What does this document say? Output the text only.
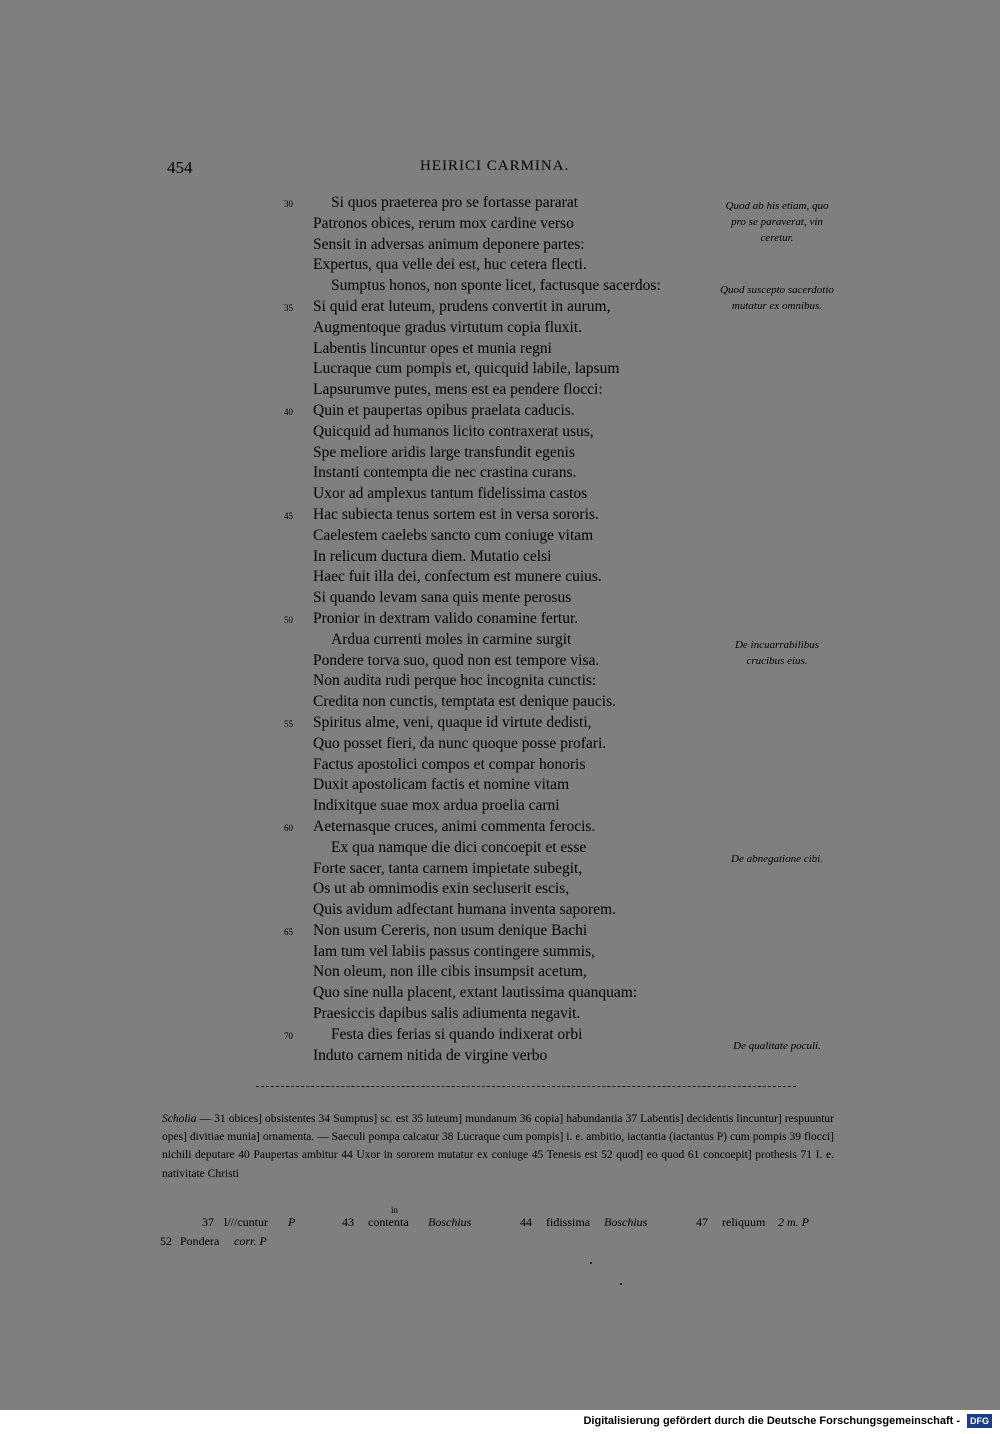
454	HEIRICI CARMINA.
30 Si quos praeterea pro se fortasse pararat
Patronos obices, rerum mox cardine verso
Sensit in adversas animum deponere partes:
Expertus, qua velle dei est, huc cetera flecti.
Sumptus honos, non sponte licet, factusque sacerdos:
35 Si quid erat luteum, prudens convertit in aurum,
Augmentoque gradus virtutum copia fluxit.
Labentis lincuntur opes et munia regni
Lucraque cum pompis et, quicquid labile, lapsum
Lapsurumve putes, mens est ea pendere flocci:
40 Quin et paupertas opibus praelata caducis.
Quicquid ad humanos licito contraxerat usus,
Spe meliore aridis large transfundit egenis
Instanti contempta die nec crastina curans.
Uxor ad amplexus tantum fidelissima castos
45 Hac subiecta tenus sortem est in versa sororis.
Caelestem caelebs sancto cum coniuge vitam
In relicum ductura diem. Mutatio celsi
Haec fuit illa dei, confectum est munere cuius.
Si quando levam sana quis mente perosus
50 Pronior in dextram valido conamine fertur.
Ardua currenti moles in carmine surgit
Pondere torva suo, quod non est tempore visa.
Non audita rudi perque hoc incognita cunctis:
Credita non cunctis, temptata est denique paucis.
55 Spiritus alme, veni, quaque id virtute dedisti,
Quo posset fieri, da nunc quoque posse profari.
Factus apostolici compos et compar honoris
Duxit apostolicam factis et nomine vitam
Indixitque suae mox ardua proelia carni
60 Aeternasque cruces, animi commenta ferocis.
Ex qua namque die dici concoepit et esse
Forte sacer, tanta carnem impietate subegit,
Os ut ab omnimodis exin secluserit escis,
Quis avidum adfectant humana inventa saporem.
65 Non usum Cereris, non usum denique Bachi
Iam tum vel labiis passus contingere summis,
Non oleum, non ille cibis insumpsit acetum,
Quo sine nulla placent, extant lautissima quanquam:
Praesiccis dapibus salis adiumenta negavit.
70 Festa dies ferias si quando indixerat orbi
Induto carnem nitida de virgine verbo
Quod ab his etiam, quo pro se paraverat, vin ceretur.
Quod suscepto sacerdotio mutatur ex omnibus.
De incuarrabilibus crucibus eius.
De abnegatione cibi.
De qualitate poculi.
Scholia — 31 obices] obsistentes 34 Sumptus] sc. est 35 luteum] mundanum 36 copia] habundantia 37 Labentis] decidentis lincuntur] respuuntur opes] divitiae munia] ornamenta. — Saeculi pompa calcatur 38 Lucraque cum pompis] i. e. ambitio, iactantia (iactantus P) cum pompis 39 flocci] nichili deputare 40 Paupertas ambitur 44 Uxor in sororem mutatur ex coniuge 45 Tenesis est 52 quod] eo quod 61 concoepit] prothesis 71 I. e. nativitate Christi
in
37 l///cuntur P	43 contenta Boschius	44 fidissima Boschius	47 reliquum 2 m. P
52 Pondera corr. P
Digitalisierung gefördert durch die Deutsche Forschungsgemeinschaft -	DFG
